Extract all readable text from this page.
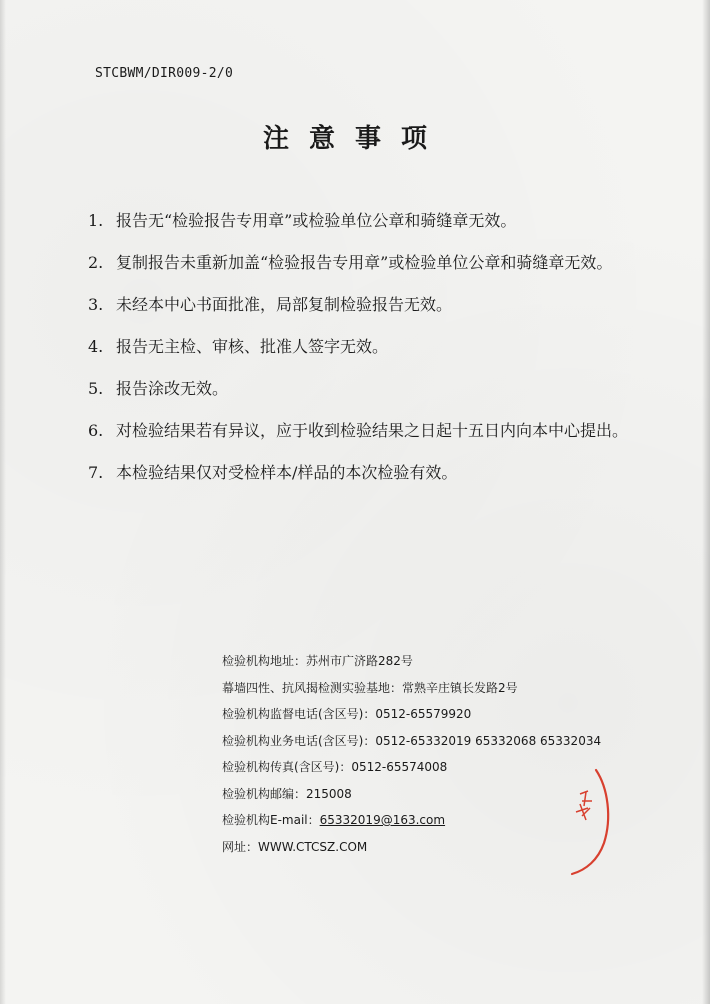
STCBWM/DIR009-2/0
注意事项
1. 报告无“检验报告专用章”或检验单位公章和骑缝章无效。
2. 复制报告未重新加盖“检验报告专用章”或检验单位公章和骑缝章无效。
3. 未经本中心书面批准，局部复制检验报告无效。
4. 报告无主检、审核、批准人签字无效。
5. 报告涂改无效。
6. 对检验结果若有异议，应于收到检验结果之日起十五日内向本中心提出。
7. 本检验结果仅对受检样本/样品的本次检验有效。
检验机构地址：苏州市广济路282号
幕墙四性、抗风揭检测实验基地：常熟辛庄镇长发路2号
检验机构监督电话(含区号)：0512-65579920
检验机构业务电话(含区号)：0512-65332019 65332068 65332034
检验机构传真(含区号)：0512-65574008
检验机构邮编：215008
检验机构E-mail：65332019@163.com
网址：WWW.CTCSZ.COM
